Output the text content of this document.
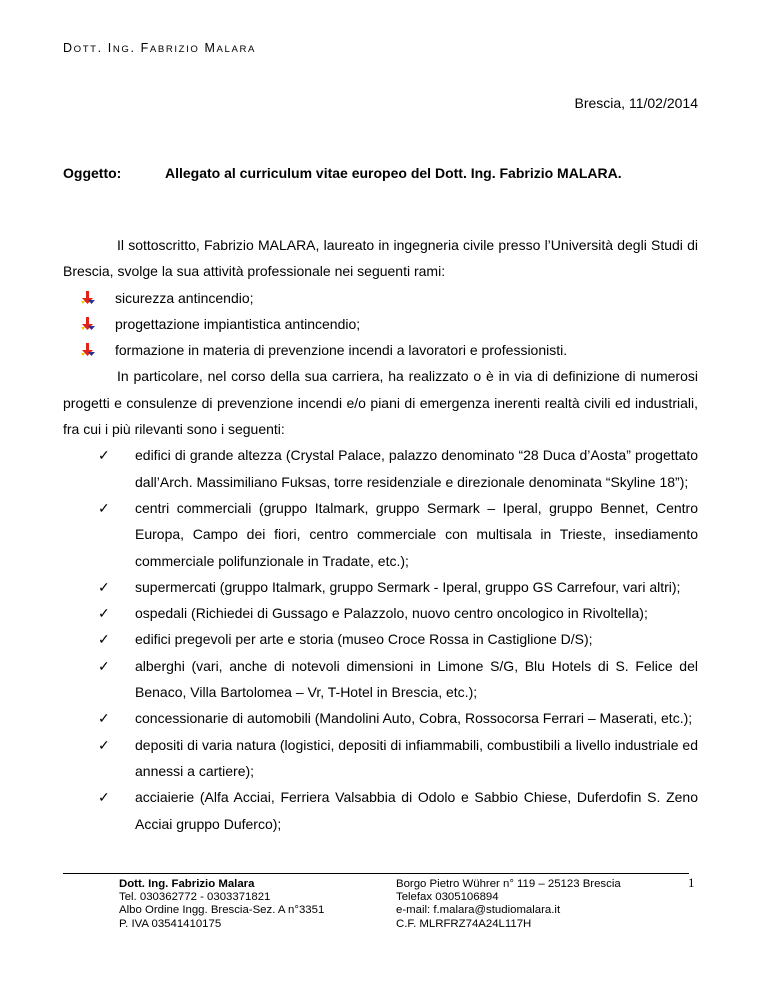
DOTT. ING. FABRIZIO MALARA
Brescia, 11/02/2014
Oggetto:	Allegato al curriculum vitae europeo del Dott. Ing. Fabrizio MALARA.

Il sottoscritto, Fabrizio MALARA, laureato in ingegneria civile presso l’Università degli Studi di Brescia, svolge la sua attività professionale nei seguenti rami:

sicurezza antincendio;
progettazione impiantistica antincendio;
formazione in materia di prevenzione incendi a lavoratori e professionisti.

In particolare, nel corso della sua carriera, ha realizzato o è in via di definizione di numerosi progetti e consulenze di prevenzione incendi e/o piani di emergenza inerenti realtà civili ed industriali, fra cui i più rilevanti sono i seguenti:

✓ edifici di grande altezza (Crystal Palace, palazzo denominato “28 Duca d’Aosta” progettato dall’Arch. Massimiliano Fuksas, torre residenziale e direzionale denominata “Skyline 18”);
✓ centri commerciali (gruppo Italmark, gruppo Sermark – Iperal, gruppo Bennet, Centro Europa, Campo dei fiori, centro commerciale con multisala in Trieste, insediamento commerciale polifunzionale in Tradate, etc.);
✓ supermercati (gruppo Italmark, gruppo Sermark - Iperal, gruppo GS Carrefour, vari altri);
✓ ospedali (Richiedei di Gussago e Palazzolo, nuovo centro oncologico in Rivoltella);
✓ edifici pregevoli per arte e storia (museo Croce Rossa in Castiglione D/S);
✓ alberghi (vari, anche di notevoli dimensioni in Limone S/G, Blu Hotels di S. Felice del Benaco, Villa Bartolomea – Vr, T-Hotel in Brescia, etc.);
✓ concessionarie di automobili (Mandolini Auto, Cobra, Rossocorsa Ferrari – Maserati, etc.);
✓ depositi di varia natura (logistici, depositi di infiammabili, combustibili a livello industriale ed annessi a cartiere);
✓ acciaierie (Alfa Acciai, Ferriera Valsabbia di Odolo e Sabbio Chiese, Duferdofin S. Zeno Acciai gruppo Duferco);
Dott. Ing. Fabrizio Malara
Tel. 030362772 - 0303371821
Albo Ordine Ingg. Brescia-Sez. A n°3351
P. IVA 03541410175
Borgo Pietro Wührer n° 119 – 25123 Brescia
Telefax 0305106894
e-mail: f.malara@studiomalara.it
C.F. MLRFRZ74A24L117H
1
